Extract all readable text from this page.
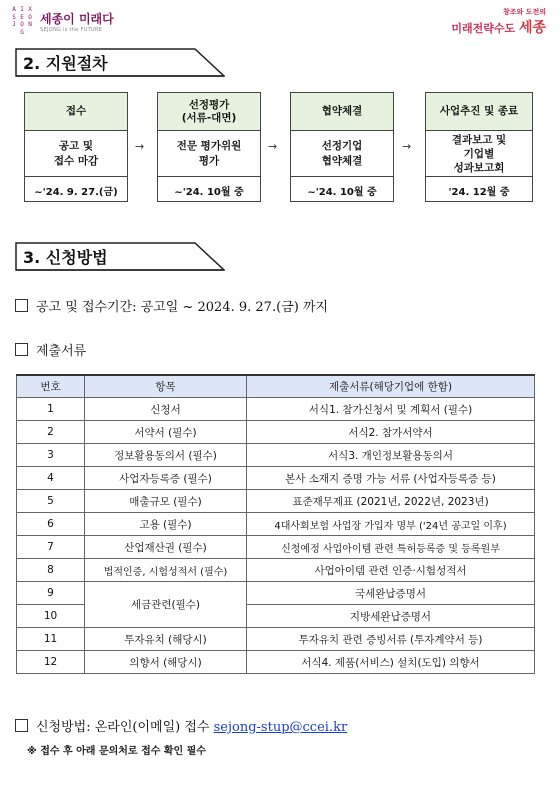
A I X
S E O
J O N
G
세종이 미래다
SEJONG is the FUTURE
창조와 도전의
미래전략수도 세종
2. 지원절차
접수
공고 및
접수 마감
~'24. 9. 27.(금)
→
선정평가
(서류-대면)
전문 평가위원
평가
~'24. 10월 중
→
협약체결
선정기업
협약체결
~'24. 10월 중
→
사업추진 및 종료
결과보고 및
기업별
성과보고회
'24. 12월 중
3. 신청방법
공고 및 접수기간: 공고일 ~ 2024. 9. 27.(금) 까지
제출서류
번호	항목	제출서류(해당기업에 한함)
1	신청서	서식1. 참가신청서 및 계획서 (필수)
2	서약서 (필수)	서식2. 참가서약서
3	정보활용동의서 (필수)	서식3. 개인정보활용동의서
4	사업자등록증 (필수)	본사 소재지 증명 가능 서류 (사업자등록증 등)
5	매출규모 (필수)	표준재무제표 (2021년, 2022년, 2023년)
6	고용 (필수)	4대사회보험 사업장 가입자 명부 ('24년 공고일 이후)
7	산업재산권 (필수)	신청예정 사업아이템 관련 특허등록증 및 등록원부
8	법적인증, 시험성적서 (필수)	사업아이템 관련 인증·시험성적서
9	세금관련(필수)	국세완납증명서
10		지방세완납증명서
11	투자유치 (해당시)	투자유치 관련 증빙서류 (투자계약서 등)
12	의향서 (해당시)	서식4. 제품(서비스) 설치(도입) 의향서
신청방법: 온라인(이메일) 접수 sejong-stup@ccei.kr
※ 접수 후 아래 문의처로 접수 확인 필수
